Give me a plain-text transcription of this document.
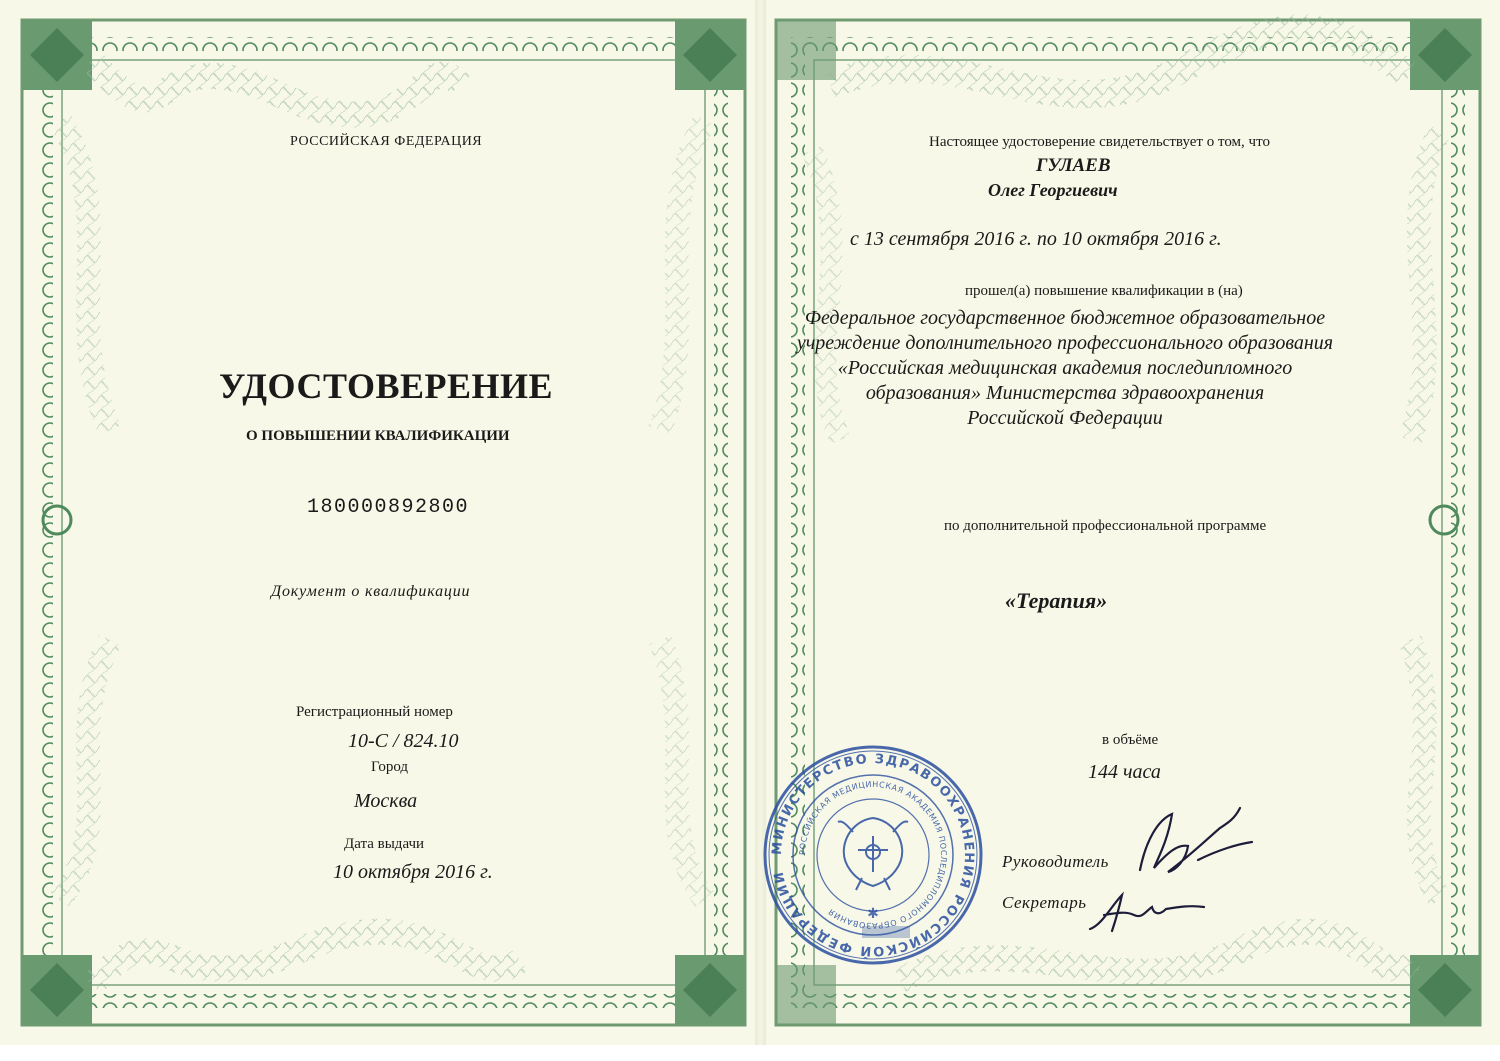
РОССИЙСКАЯ ФЕДЕРАЦИЯ
УДОСТОВЕРЕНИЕ
О ПОВЫШЕНИИ КВАЛИФИКАЦИИ
180000892800
Документ о квалификации
Регистрационный номер
10-С / 824.10
Город
Москва
Дата выдачи
10 октября 2016 г.
Настоящее удостоверение свидетельствует о том, что
ГУЛАЕВ
Олег Георгиевич
с 13 сентября 2016 г. по 10 октября 2016 г.
прошел(а) повышение квалификации в (на)
Федеральное государственное бюджетное образовательное
учреждение дополнительного профессионального образования
«Российская медицинская академия последипломного
образования» Министерства здравоохранения
Российской Федерации
по дополнительной профессиональной программе
«Терапия»
в объёме
144 часа
Руководитель
Секретарь
МИНИСТЕРСТВО ЗДРАВООХРАНЕНИЯ РОССИЙСКОЙ ФЕДЕРАЦИИ
РОССИЙСКАЯ МЕДИЦИНСКАЯ АКАДЕМИЯ ПОСЛЕДИПЛОМНОГО ОБРАЗОВАНИЯ	✱
